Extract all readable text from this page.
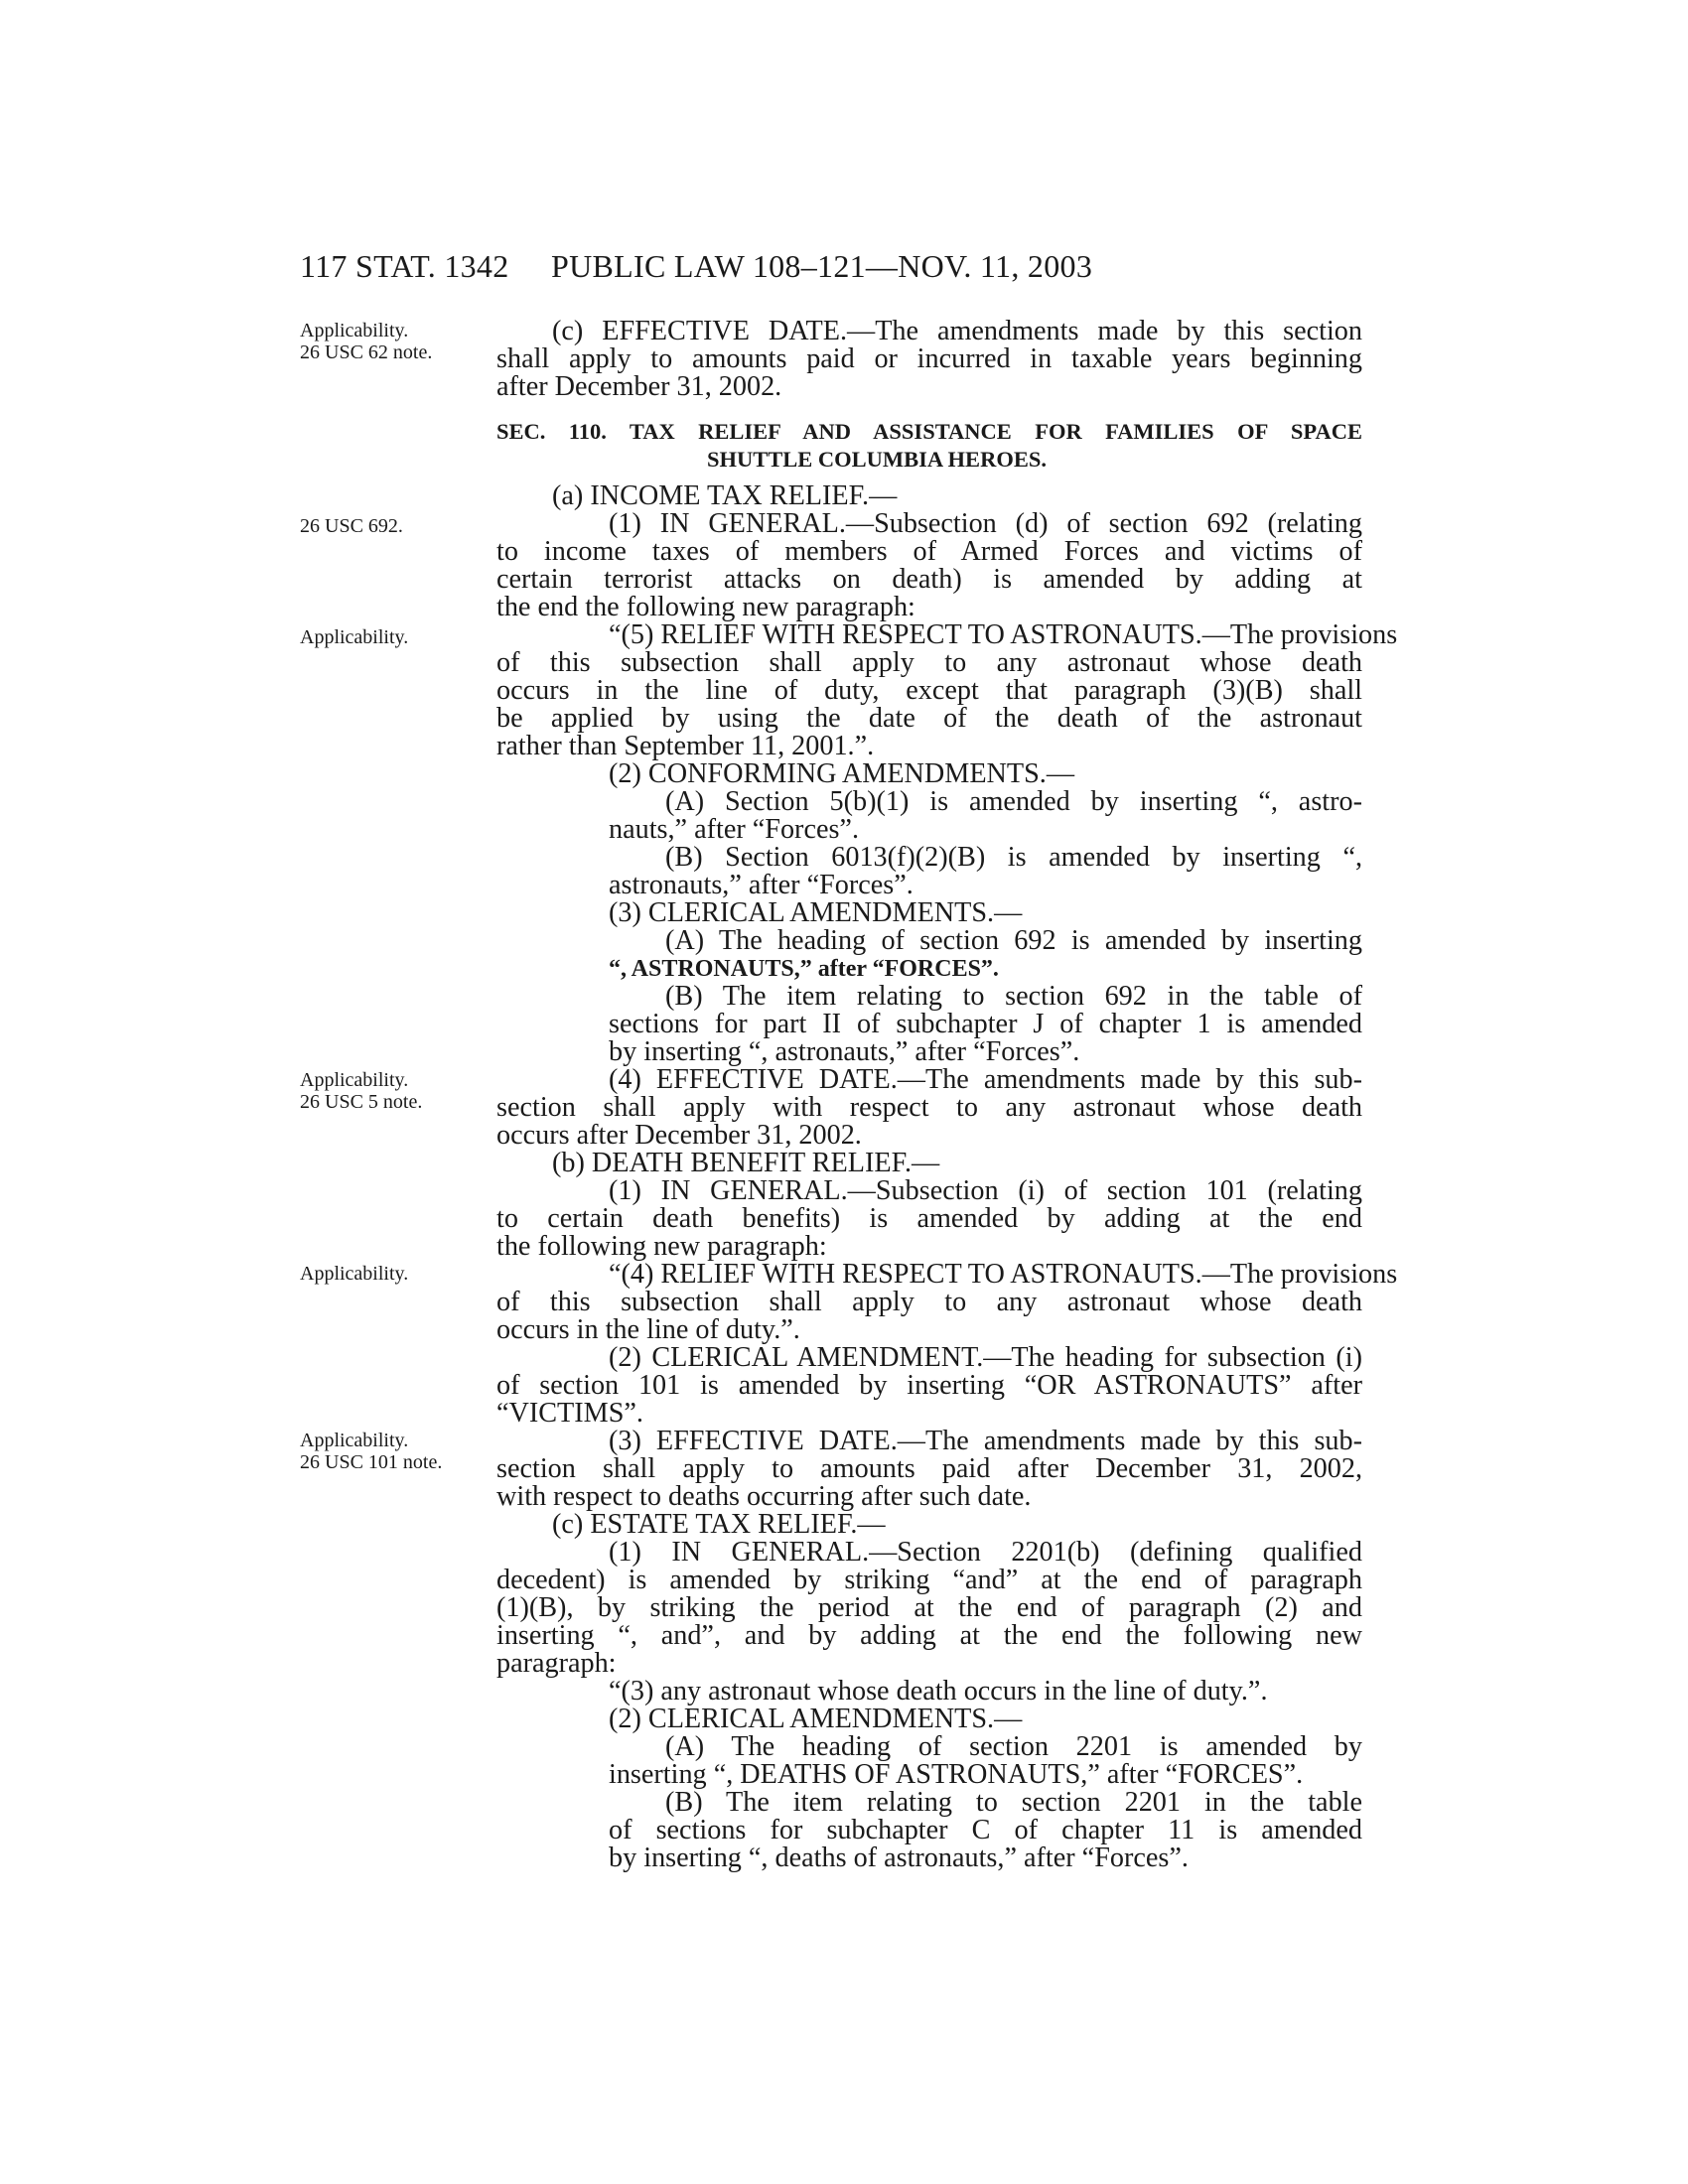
117 STAT. 1342 PUBLIC LAW 108–121—NOV. 11, 2003
Applicability.
26 USC 62 note.
26 USC 692.
Applicability.
Applicability.
26 USC 5 note.
Applicability.
Applicability.
26 USC 101 note.
(c) EFFECTIVE DATE.—The amendments made by this section
shall apply to amounts paid or incurred in taxable years beginning
after December 31, 2002.
SEC. 110. TAX RELIEF AND ASSISTANCE FOR FAMILIES OF SPACE
SHUTTLE COLUMBIA HEROES.
(a) INCOME TAX RELIEF.—
(1) IN GENERAL.—Subsection (d) of section 692 (relating
to income taxes of members of Armed Forces and victims of
certain terrorist attacks on death) is amended by adding at
the end the following new paragraph:
“(5) RELIEF WITH RESPECT TO ASTRONAUTS.—The provisions
of this subsection shall apply to any astronaut whose death
occurs in the line of duty, except that paragraph (3)(B) shall
be applied by using the date of the death of the astronaut
rather than September 11, 2001.”.
(2) CONFORMING AMENDMENTS.—
(A) Section 5(b)(1) is amended by inserting “, astro-
nauts,” after “Forces”.
(B) Section 6013(f)(2)(B) is amended by inserting “,
astronauts,” after “Forces”.
(3) CLERICAL AMENDMENTS.—
(A) The heading of section 692 is amended by inserting
“, ASTRONAUTS,” after “FORCES”.
(B) The item relating to section 692 in the table of
sections for part II of subchapter J of chapter 1 is amended
by inserting “, astronauts,” after “Forces”.
(4) EFFECTIVE DATE.—The amendments made by this sub-
section shall apply with respect to any astronaut whose death
occurs after December 31, 2002.
(b) DEATH BENEFIT RELIEF.—
(1) IN GENERAL.—Subsection (i) of section 101 (relating
to certain death benefits) is amended by adding at the end
the following new paragraph:
“(4) RELIEF WITH RESPECT TO ASTRONAUTS.—The provisions
of this subsection shall apply to any astronaut whose death
occurs in the line of duty.”.
(2) CLERICAL AMENDMENT.—The heading for subsection (i)
of section 101 is amended by inserting “OR ASTRONAUTS” after
“VICTIMS”.
(3) EFFECTIVE DATE.—The amendments made by this sub-
section shall apply to amounts paid after December 31, 2002,
with respect to deaths occurring after such date.
(c) ESTATE TAX RELIEF.—
(1) IN GENERAL.—Section 2201(b) (defining qualified
decedent) is amended by striking “and” at the end of paragraph
(1)(B), by striking the period at the end of paragraph (2) and
inserting “, and”, and by adding at the end the following new
paragraph:
“(3) any astronaut whose death occurs in the line of duty.”.
(2) CLERICAL AMENDMENTS.—
(A) The heading of section 2201 is amended by
inserting “, DEATHS OF ASTRONAUTS,” after “FORCES”.
(B) The item relating to section 2201 in the table
of sections for subchapter C of chapter 11 is amended
by inserting “, deaths of astronauts,” after “Forces”.
